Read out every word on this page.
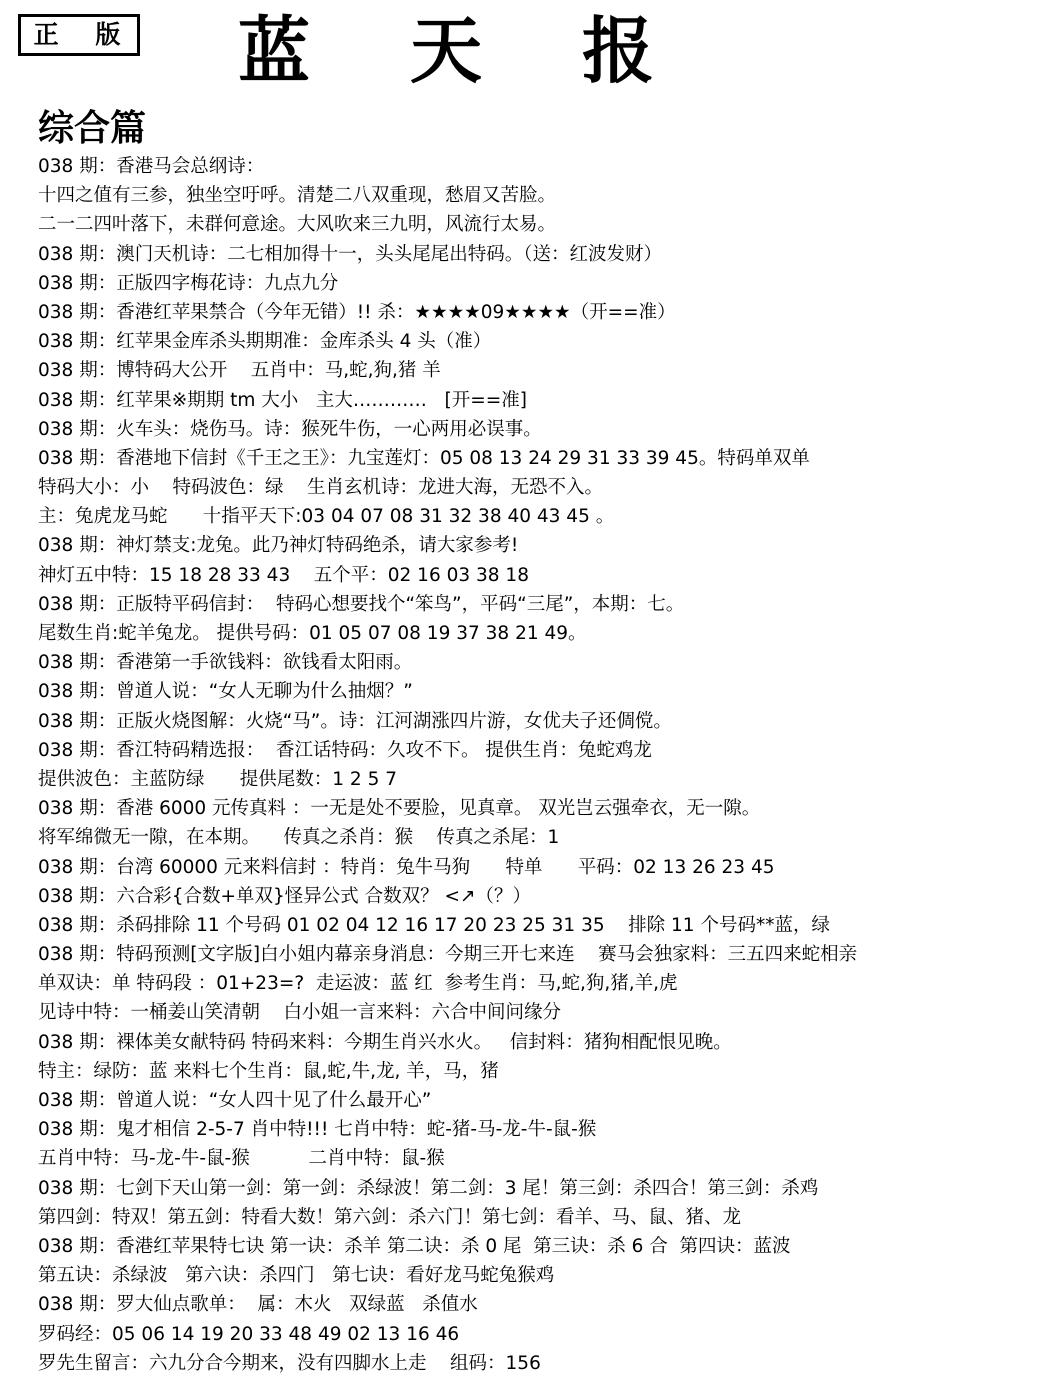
正 版 蓝天报
综合篇
038 期：香港马会总纲诗：
十四之值有三参，独坐空吁呼。清楚二八双重现，愁眉又苦脸。
二一二四叶落下，未群何意途。大风吹来三九明，风流行太易。
038 期：澳门天机诗：二七相加得十一，头头尾尾出特码。（送：红波发财）
038 期：正版四字梅花诗：九点九分
038 期：香港红苹果禁合（今年无错）!! 杀：★★★★09★★★★（开==准）
038 期：红苹果金库杀头期期准：金库杀头 4 头（准）
038 期：博特码大公开    五肖中：马,蛇,狗,猪 羊
038 期：红苹果※期期 tm 大小   主大…………   [开==准]
038 期：火车头：烧伤马。诗：猴死牛伤，一心两用必误事。
038 期：香港地下信封《千王之王》：九宝莲灯：05 08 13 24 29 31 33 39 45。特码单双单
特码大小：小    特码波色：绿    生肖玄机诗：龙进大海，无恐不入。
主：兔虎龙马蛇      十指平天下:03 04 07 08 31 32 38 40 43 45 。
038 期：神灯禁支:龙兔。此乃神灯特码绝杀，请大家参考!
神灯五中特：15 18 28 33 43    五个平：02 16 03 38 18
038 期：正版特平码信封：  特码心想要找个“笨鸟”，平码“三尾”，本期：七。
尾数生肖:蛇羊兔龙。 提供号码：01 05 07 08 19 37 38 21 49。
038 期：香港第一手欲钱料：欲钱看太阳雨。
038 期：曾道人说：“女人无聊为什么抽烟？”
038 期：正版火烧图解：火烧“马”。诗：江河湖涨四片游，女优夫子还倜傥。
038 期：香江特码精选报：  香江话特码：久攻不下。 提供生肖：兔蛇鸡龙
提供波色：主蓝防绿      提供尾数：1 2 5 7
038 期：香港 6000 元传真料 ：一无是处不要脸，见真章。 双光岂云强牵衣，无一隙。
将军绵微无一隙，在本期。    传真之杀肖：猴    传真之杀尾：1
038 期：台湾 60000 元来料信封 ：特肖：兔牛马狗      特单      平码：02 13 26 23 45
038 期：六合彩{合数+单双}怪异公式 合数双？ <↗（？）
038 期：杀码排除 11 个号码 01 02 04 12 16 17 20 23 25 31 35    排除 11 个号码**蓝，绿
038 期：特码预测[文字版]白小姐内幕亲身消息：今期三开七来连    赛马会独家料：三五四来蛇相亲
单双诀：单 特码段 ：01+23=?  走运波：蓝 红  参考生肖：马,蛇,狗,猪,羊,虎
见诗中特：一桶姜山笑清朝    白小姐一言来料：六合中间问缘分
038 期：裸体美女献特码 特码来料：今期生肖兴水火。   信封料：猪狗相配恨见晚。
特主：绿防：蓝 来料七个生肖：鼠,蛇,牛,龙, 羊，马，猪
038 期：曾道人说：“女人四十见了什么最开心”
038 期：鬼才相信 2-5-7 肖中特!!! 七肖中特：蛇-猪-马-龙-牛-鼠-猴
五肖中特：马-龙-牛-鼠-猴          二肖中特：鼠-猴
038 期：七剑下天山第一剑：第一剑：杀绿波！第二剑：3 尾！第三剑：杀四合！第三剑：杀鸡
第四剑：特双！第五剑：特看大数！第六剑：杀六门！第七剑：看羊、马、鼠、猪、龙
038 期：香港红苹果特七诀 第一诀：杀羊 第二诀：杀 0 尾  第三诀：杀 6 合  第四诀：蓝波
第五诀：杀绿波   第六诀：杀四门   第七诀：看好龙马蛇兔猴鸡
038 期：罗大仙点歌单：  属：木火   双绿蓝   杀值水
罗码经：05 06 14 19 20 33 48 49 02 13 16 46
罗先生留言：六九分合今期来，没有四脚水上走    组码：156
